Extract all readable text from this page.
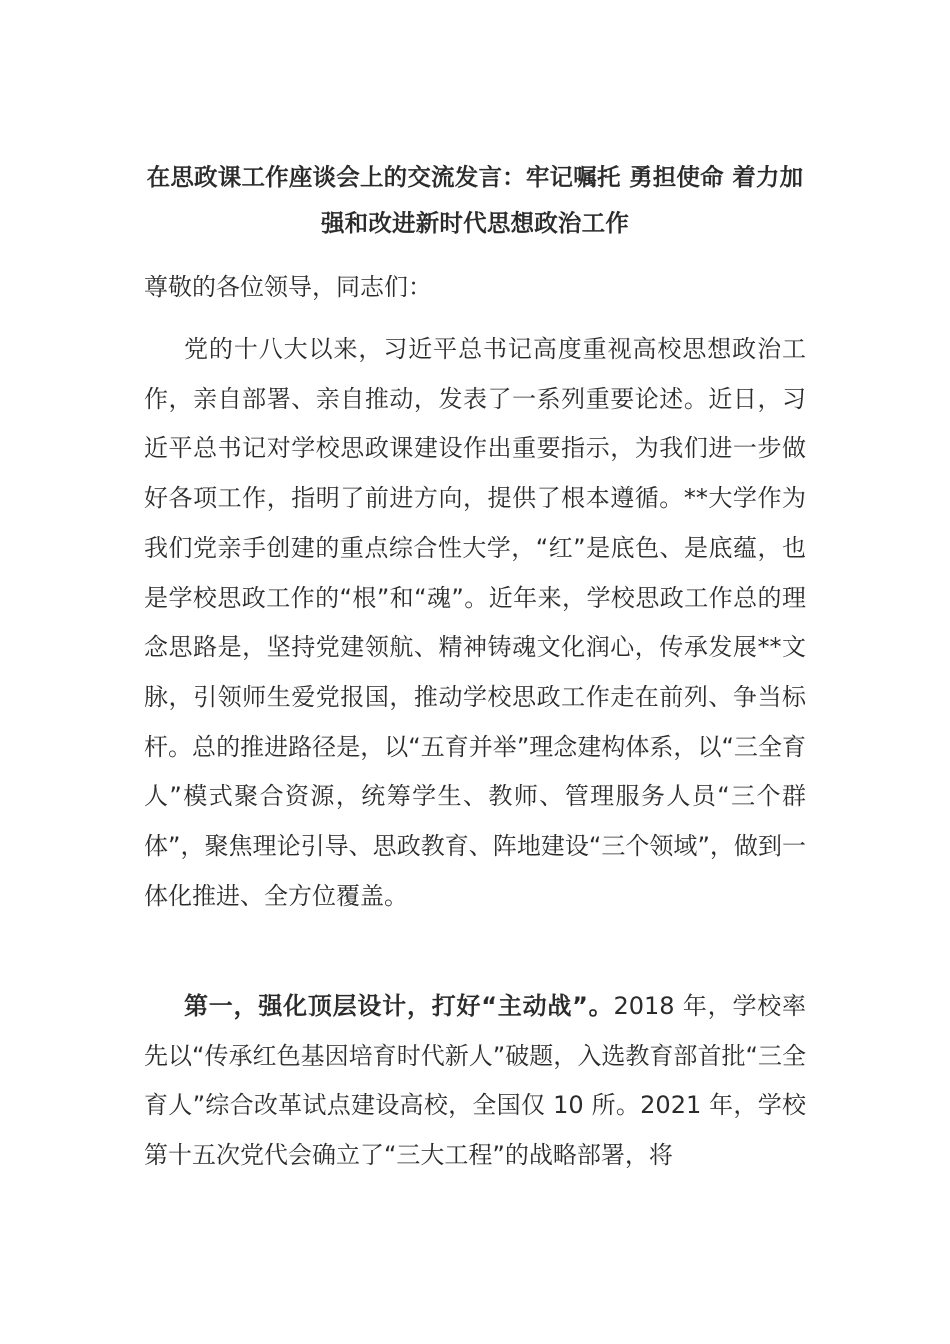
在思政课工作座谈会上的交流发言：牢记嘱托 勇担使命 着力加强和改进新时代思想政治工作

尊敬的各位领导，同志们：

党的十八大以来，习近平总书记高度重视高校思想政治工作，亲自部署、亲自推动，发表了一系列重要论述。近日，习近平总书记对学校思政课建设作出重要指示，为我们进一步做好各项工作，指明了前进方向，提供了根本遵循。**大学作为我们党亲手创建的重点综合性大学，“红”是底色、是底蕴，也是学校思政工作的“根”和“魂”。近年来，学校思政工作总的理念思路是，坚持党建领航、精神铸魂文化润心，传承发展**文脉，引领师生爱党报国，推动学校思政工作走在前列、争当标杆。总的推进路径是，以“五育并举”理念建构体系，以“三全育人”模式聚合资源，统筹学生、教师、管理服务人员“三个群体”，聚焦理论引导、思政教育、阵地建设“三个领域”，做到一体化推进、全方位覆盖。

第一，强化顶层设计，打好“主动战”。2018 年，学校率先以“传承红色基因培育时代新人”破题，入选教育部首批“三全育人”综合改革试点建设高校，全国仅 10 所。2021 年，学校第十五次党代会确立了“三大工程”的战略部署，将
